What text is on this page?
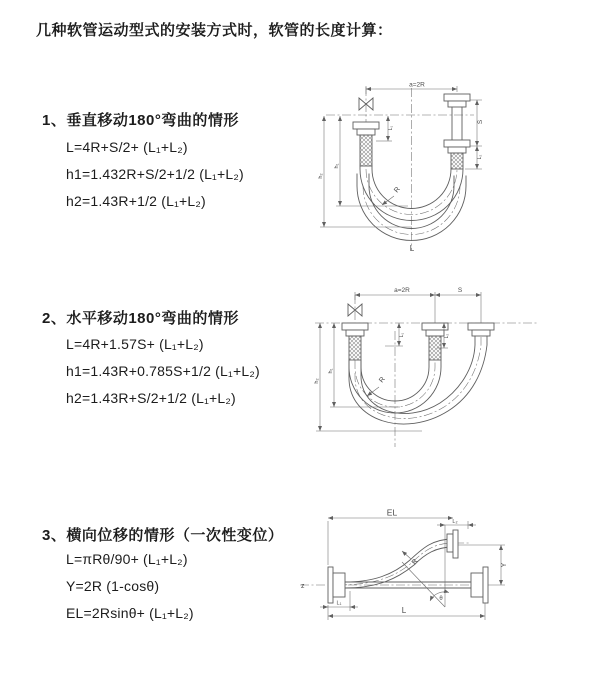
几种软管运动型式的安装方式时，软管的长度计算：
1、垂直移动180°弯曲的情形
L=4R+S/2+ (L₁+L₂)
h1=1.432R+S/2+1/2 (L₁+L₂)
h2=1.43R+1/2 (L₁+L₂)
2、水平移动180°弯曲的情形
L=4R+1.57S+ (L₁+L₂)
h1=1.43R+0.785S+1/2 (L₁+L₂)
h2=1.43R+S/2+1/2 (L₁+L₂)
3、横向位移的情形（一次性变位）
L=πRθ/90+ (L₁+L₂)
Y=2R (1-cosθ)
EL=2Rsinθ+ (L₁+L₂)
a=2R
S
L₂
L₁
h₁
h₂
R
L
a=2R	S
L₁	L₂
h₁
h₂	R
EL
L₂
Y
R
θ
L
L₁
z
